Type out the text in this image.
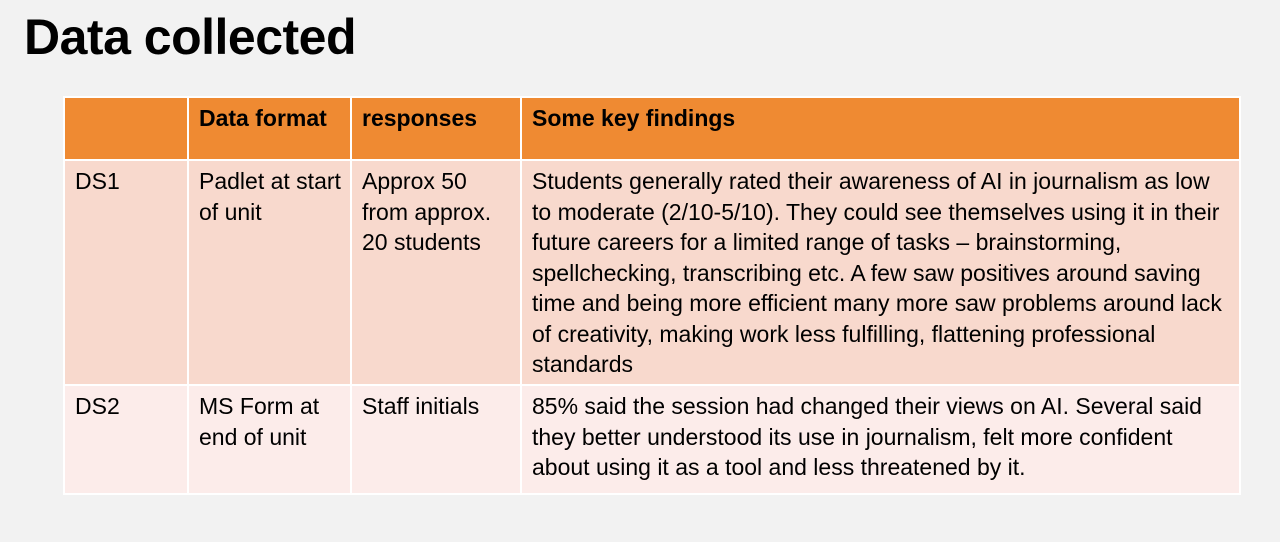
Data collected
	Data format	responses	Some key findings
DS1	Padlet at start of unit	Approx 50 from approx. 20 students	Students generally rated their awareness of AI in journalism as low to moderate (2/10-5/10). They could see themselves using it in their future careers for a limited range of tasks – brainstorming, spellchecking, transcribing etc. A few saw positives around saving time and being more efficient many more saw problems around lack of creativity, making work less fulfilling, flattening professional standards
DS2	MS Form at end of unit	Staff initials	85% said the session had changed their views on AI. Several said they better understood its use in journalism, felt more confident about using it as a tool and less threatened by it.
